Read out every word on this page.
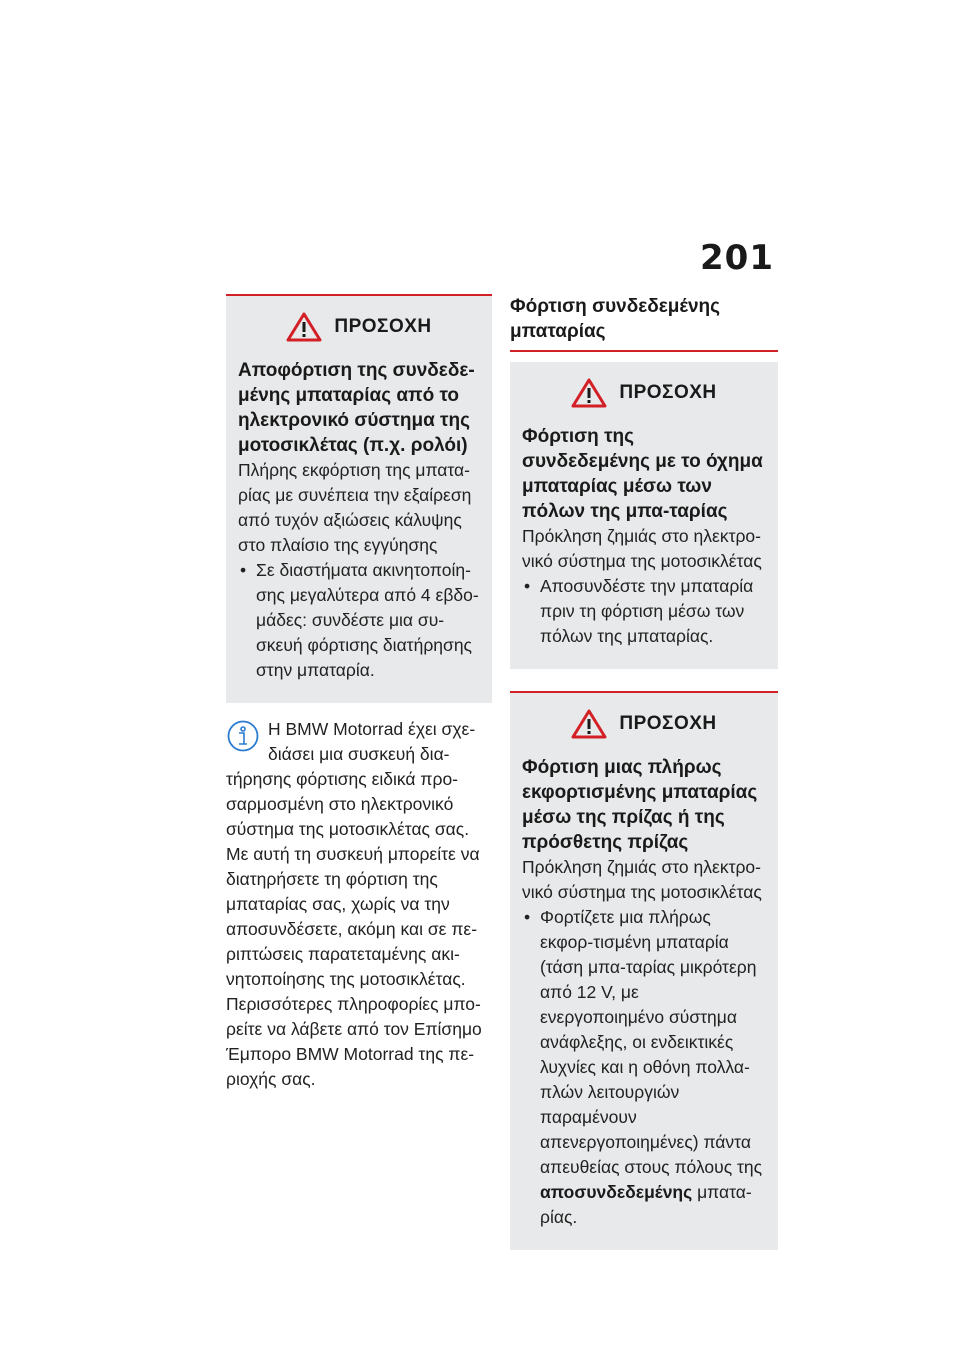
201
ΠΡΟΣΟΧΗ

Αποφόρτιση της συνδεδε-μένης μπαταρίας από το ηλεκτρονικό σύστημα της μοτοσικλέτας (π.χ. ρολόι)

Πλήρης εκφόρτιση της μπατα-ρίας με συνέπεια την εξαίρεση από τυχόν αξιώσεις κάλυψης στο πλαίσιο της εγγύησης

• Σε διαστήματα ακινητοποίη-σης μεγαλύτερα από 4 εβδο-μάδες: συνδέστε μια συ-σκευή φόρτισης διατήρησης στην μπαταρία.
Η BMW Motorrad έχει σχε-διάσει μια συσκευή δια-
τήρησης φόρτισης ειδικά προ-σαρμοσμένη στο ηλεκτρονικό σύστημα της μοτοσικλέτας σας. Με αυτή τη συσκευή μπορείτε να διατηρήσετε τη φόρτιση της μπαταρίας σας, χωρίς να την αποσυνδέσετε, ακόμη και σε πε-ριπτώσεις παρατεταμένης ακι-νητοποίησης της μοτοσικλέτας. Περισσότερες πληροφορίες μπο-ρείτε να λάβετε από τον Επίσημο Έμπορο BMW Motorrad της πε-ριοχής σας.

Φόρτιση συνδεδεμένης μπαταρίας

ΠΡΟΣΟΧΗ

Φόρτιση της συνδεδεμένης με το όχημα μπαταρίας μέσω των πόλων της μπα-ταρίας

Πρόκληση ζημιάς στο ηλεκτρο-νικό σύστημα της μοτοσικλέτας

• Αποσυνδέστε την μπαταρία πριν τη φόρτιση μέσω των πόλων της μπαταρίας.
ΠΡΟΣΟΧΗ

Φόρτιση μιας πλήρως εκφορτισμένης μπαταρίας μέσω της πρίζας ή της πρόσθετης πρίζας

Πρόκληση ζημιάς στο ηλεκτρο-νικό σύστημα της μοτοσικλέτας

• Φορτίζετε μια πλήρως εκφορ-τισμένη μπαταρία (τάση μπα-ταρίας μικρότερη από 12 V, με ενεργοποιημένο σύστημα ανάφλεξης, οι ενδεικτικές λυχνίες και η οθόνη πολλα-πλών λειτουργιών παραμένουν απενεργοποιημένες) πάντα απευθείας στους πόλους της αποσυνδεδεμένης μπατα-ρίας.
